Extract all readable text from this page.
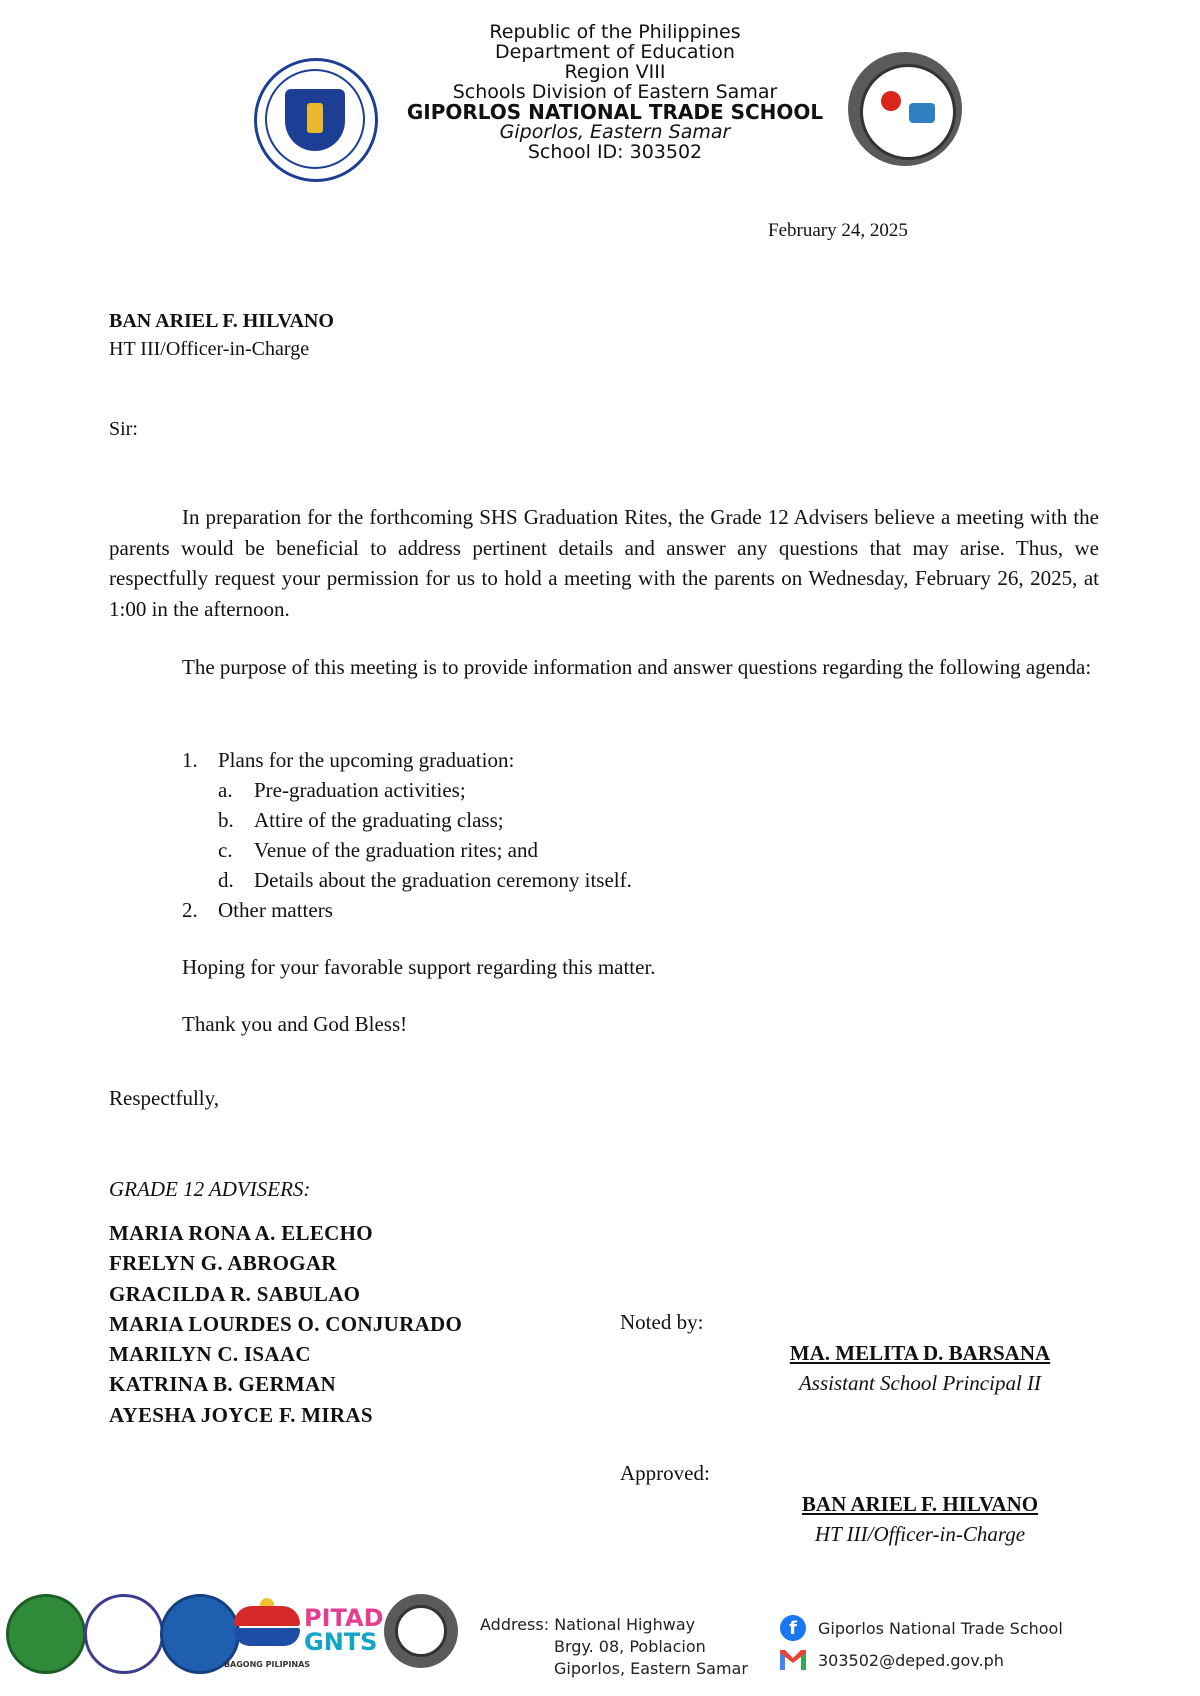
Republic of the Philippines
Department of Education
Region VIII
Schools Division of Eastern Samar
GIPORLOS NATIONAL TRADE SCHOOL
Giporlos, Eastern Samar
School ID: 303502
February 24, 2025
BAN ARIEL F. HILVANO
HT III/Officer-in-Charge
Sir:

In preparation for the forthcoming SHS Graduation Rites, the Grade 12 Advisers believe a meeting with the parents would be beneficial to address pertinent details and answer any questions that may arise. Thus, we respectfully request your permission for us to hold a meeting with the parents on Wednesday, February 26, 2025, at 1:00 in the afternoon.

The purpose of this meeting is to provide information and answer questions regarding the following agenda:

1. Plans for the upcoming graduation:
a.	Pre-graduation activities;
b. Attire of the graduating class;
c.	Venue of the graduation rites; and
d. Details about the graduation ceremony itself.
2. Other matters
Hoping for your favorable support regarding this matter.
Thank you and God Bless!
Respectfully,
GRADE 12 ADVISERS:
MARIA RONA A. ELECHO
FRELYN G. ABROGAR
GRACILDA R. SABULAO
MARIA LOURDES O. CONJURADO
MARILYN C. ISAAC
KATRINA B. GERMAN
AYESHA JOYCE F. MIRAS
Noted by:
MA. MELITA D. BARSANA
Assistant School Principal II
Approved:
BAN ARIEL F. HILVANO
HT III/Officer-in-Charge
BAGONG PILIPINAS
PITAD
GNTS
Address: National Highway
Brgy. 08, Poblacion
Giporlos, Eastern Samar
f	Giporlos National Trade School
303502@deped.gov.ph
